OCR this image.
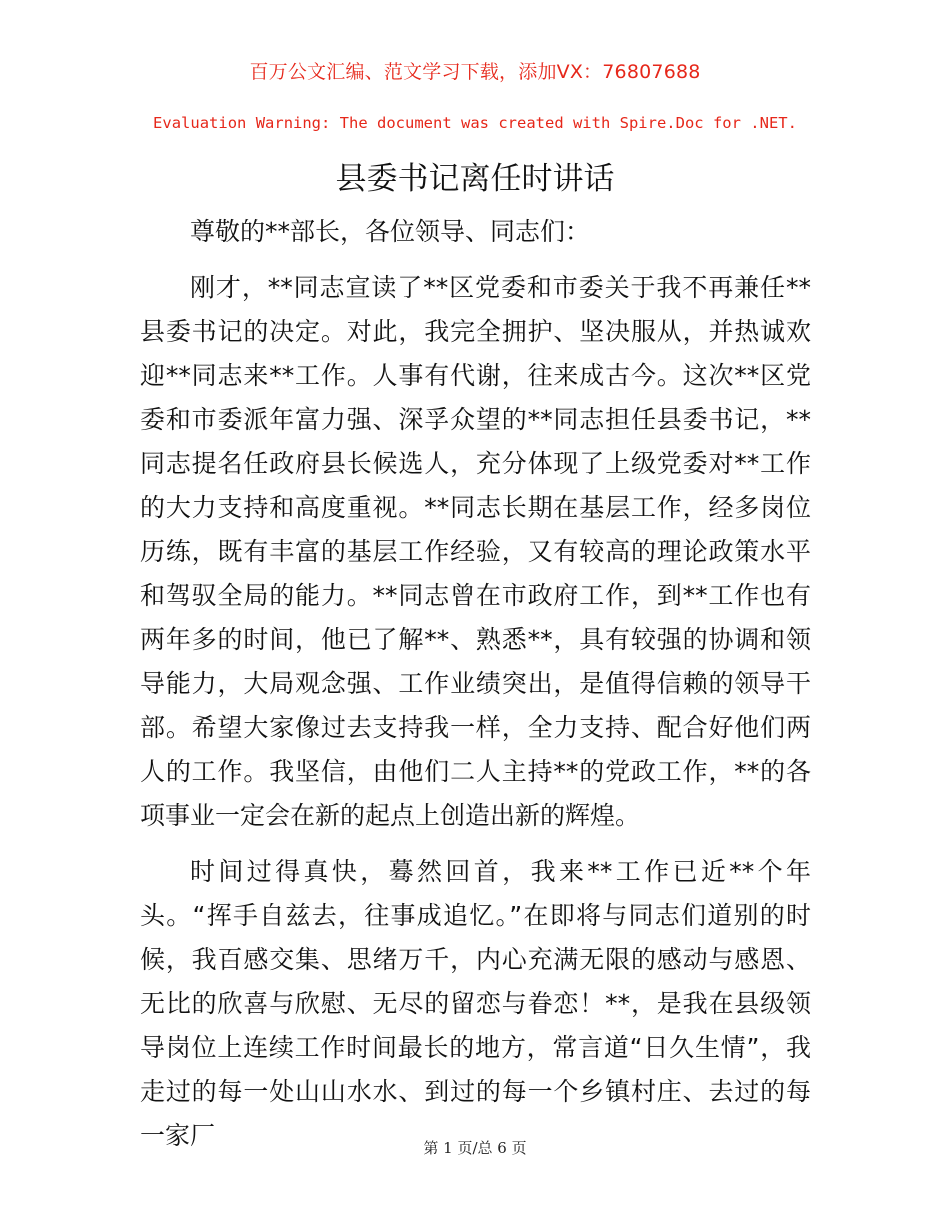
百万公文汇编、范文学习下载，添加VX：76807688
Evaluation Warning: The document was created with Spire.Doc for .NET.
县委书记离任时讲话

尊敬的**部长，各位领导、同志们：

刚才，**同志宣读了**区党委和市委关于我不再兼任**县委书记的决定。对此，我完全拥护、坚决服从，并热诚欢迎**同志来**工作。人事有代谢，往来成古今。这次**区党委和市委派年富力强、深孚众望的**同志担任县委书记，**同志提名任政府县长候选人，充分体现了上级党委对**工作的大力支持和高度重视。**同志长期在基层工作，经多岗位历练，既有丰富的基层工作经验，又有较高的理论政策水平和驾驭全局的能力。**同志曾在市政府工作，到**工作也有两年多的时间，他已了解**、熟悉**，具有较强的协调和领导能力，大局观念强、工作业绩突出，是值得信赖的领导干部。希望大家像过去支持我一样，全力支持、配合好他们两人的工作。我坚信，由他们二人主持**的党政工作，**的各项事业一定会在新的起点上创造出新的辉煌。

时间过得真快，蓦然回首，我来**工作已近**个年头。“挥手自兹去，往事成追忆。”在即将与同志们道别的时候，我百感交集、思绪万千，内心充满无限的感动与感恩、无比的欣喜与欣慰、无尽的留恋与眷恋！**，是我在县级领导岗位上连续工作时间最长的地方，常言道“日久生情”，我走过的每一处山山水水、到过的每一个乡镇村庄、去过的每一家厂	第 1 页/总 6 页
